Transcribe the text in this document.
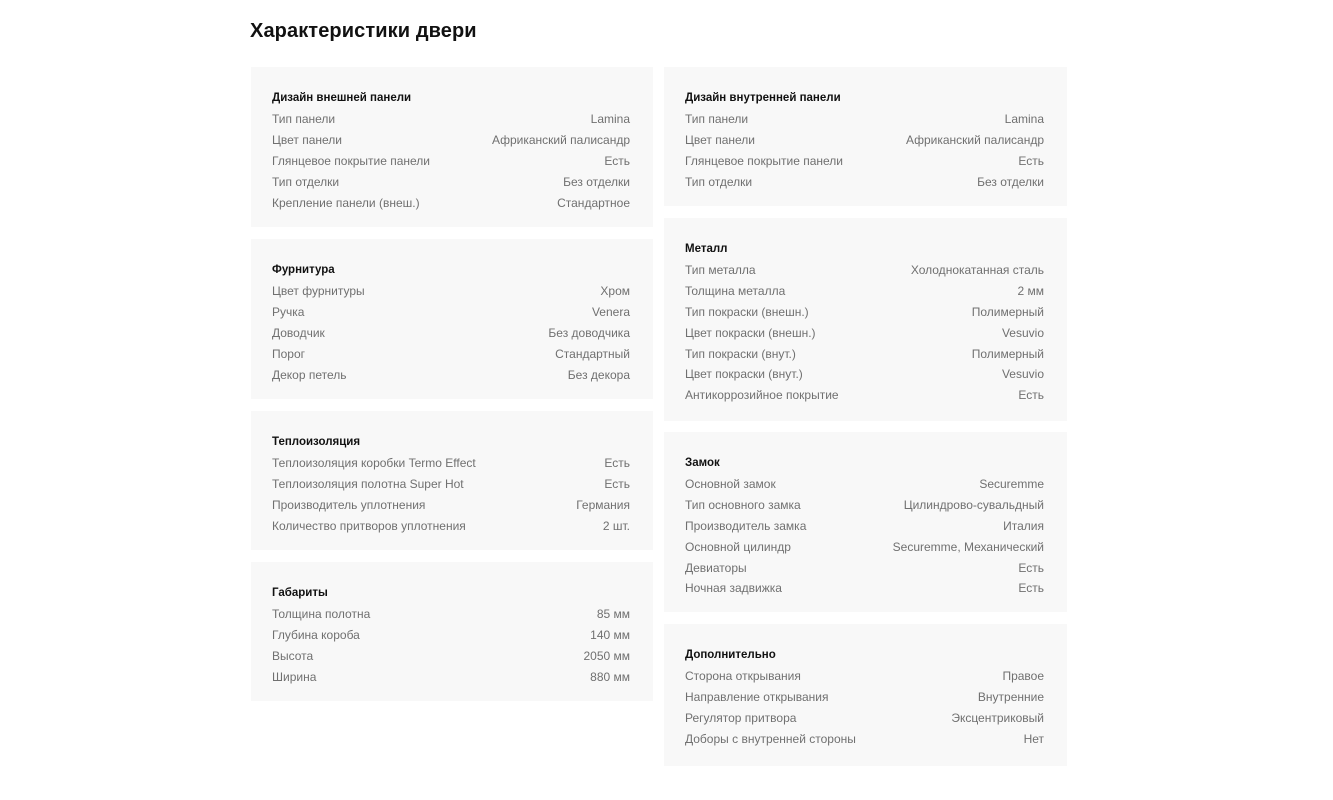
Характеристики двери
Дизайн внешней панели
Тип панели	Lamina
Цвет панели	Африканский палисандр
Глянцевое покрытие панели	Есть
Тип отделки	Без отделки
Крепление панели (внеш.)	Стандартное
Фурнитура
Цвет фурнитуры	Хром
Ручка	Venera
Доводчик	Без доводчика
Порог	Стандартный
Декор петель	Без декора
Теплоизоляция
Теплоизоляция коробки Termo Effect	Есть
Теплоизоляция полотна Super Hot	Есть
Производитель уплотнения	Германия
Количество притворов уплотнения	2 шт.
Габариты
Толщина полотна	85 мм
Глубина короба	140 мм
Высота	2050 мм
Ширина	880 мм
Дизайн внутренней панели
Тип панели	Lamina
Цвет панели	Африканский палисандр
Глянцевое покрытие панели	Есть
Тип отделки	Без отделки
Металл
Тип металла	Холоднокатанная сталь
Толщина металла	2 мм
Тип покраски (внешн.)	Полимерный
Цвет покраски (внешн.)	Vesuvio
Тип покраски (внут.)	Полимерный
Цвет покраски (внут.)	Vesuvio
Антикоррозийное покрытие	Есть
Замок
Основной замок	Securemme
Тип основного замка	Цилиндрово-сувальдный
Производитель замка	Италия
Основной цилиндр	Securemme, Механический
Девиаторы	Есть
Ночная задвижка	Есть
Дополнительно
Сторона открывания	Правое
Направление открывания	Внутренние
Регулятор притвора	Эксцентриковый
Доборы с внутренней стороны	Нет
